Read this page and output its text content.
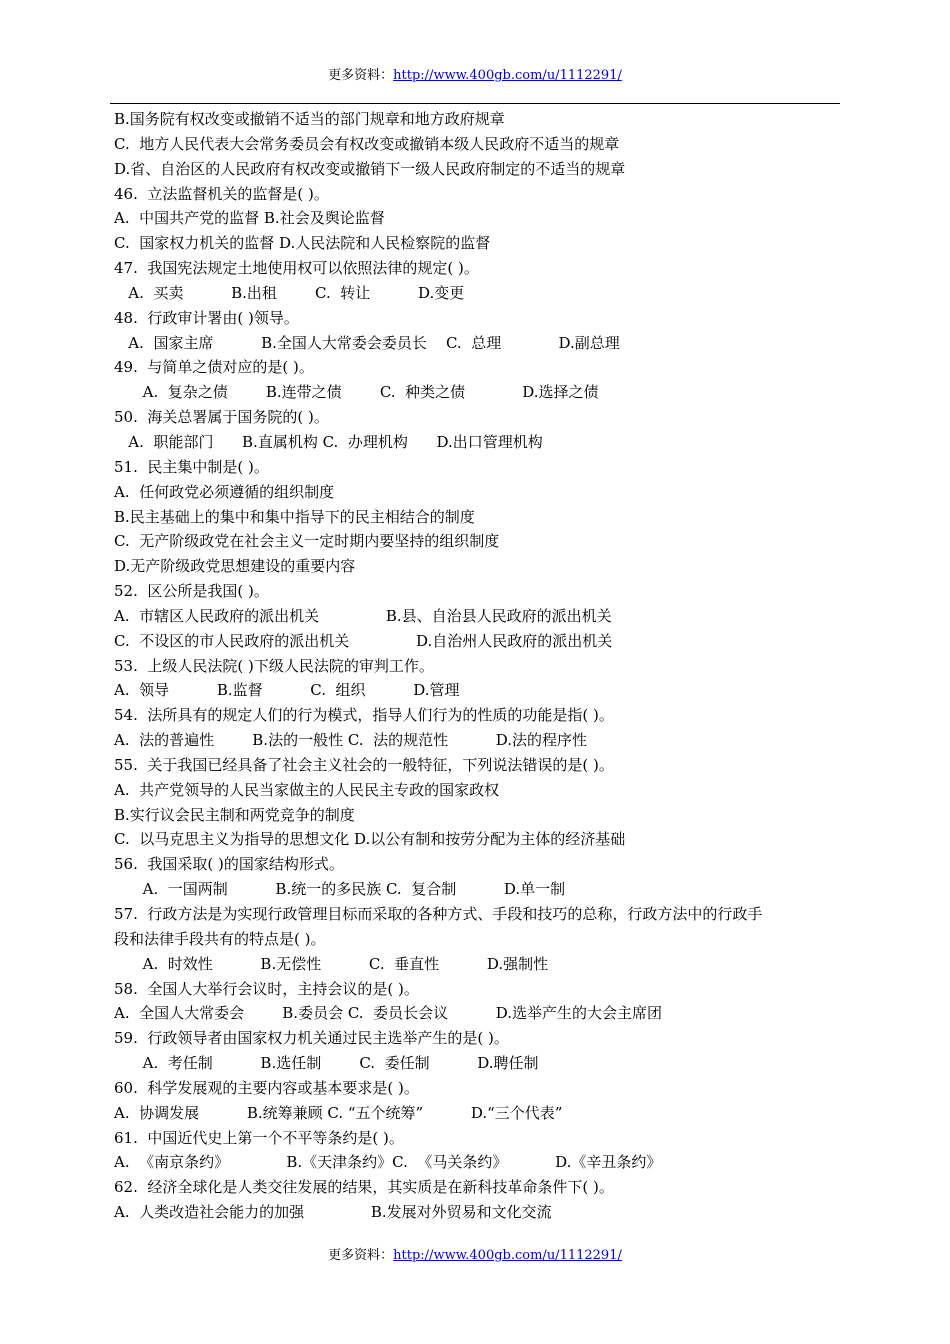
更多资料：http://www.400gb.com/u/1112291/
B.国务院有权改变或撤销不适当的部门规章和地方政府规章
C.  地方人民代表大会常务委员会有权改变或撤销本级人民政府不适当的规章
D.省、自治区的人民政府有权改变或撤销下一级人民政府制定的不适当的规章
46.  立法监督机关的监督是( )。
A.  中国共产党的监督 B.社会及舆论监督
C.  国家权力机关的监督 D.人民法院和人民检察院的监督
47.  我国宪法规定土地使用权可以依照法律的规定( )。
A.  买卖          B.出租        C.  转让          D.变更
48.  行政审计署由( )领导。
A.  国家主席          B.全国人大常委会委员长    C.  总理            D.副总理
49.  与简单之债对应的是( )。
A.  复杂之债        B.连带之债        C.  种类之债            D.选择之债
50.  海关总署属于国务院的( )。
A.  职能部门      B.直属机构 C.  办理机构      D.出口管理机构
51.  民主集中制是( )。
A.  任何政党必须遵循的组织制度
B.民主基础上的集中和集中指导下的民主相结合的制度
C.  无产阶级政党在社会主义一定时期内要坚持的组织制度
D.无产阶级政党思想建设的重要内容
52.  区公所是我国( )。
A.  市辖区人民政府的派出机关              B.县、自治县人民政府的派出机关
C.  不设区的市人民政府的派出机关              D.自治州人民政府的派出机关
53.  上级人民法院( )下级人民法院的审判工作。
A.  领导          B.监督          C.  组织          D.管理
54.  法所具有的规定人们的行为模式，指导人们行为的性质的功能是指( )。
A.  法的普遍性        B.法的一般性 C.  法的规范性          D.法的程序性
55.  关于我国已经具备了社会主义社会的一般特征，下列说法错误的是( )。
A.  共产党领导的人民当家做主的人民民主专政的国家政权
B.实行议会民主制和两党竞争的制度
C.  以马克思主义为指导的思想文化 D.以公有制和按劳分配为主体的经济基础
56.  我国采取( )的国家结构形式。
A.  一国两制          B.统一的多民族 C.  复合制          D.单一制
57.  行政方法是为实现行政管理目标而采取的各种方式、手段和技巧的总称，行政方法中的行政手
段和法律手段共有的特点是( )。
A.  时效性          B.无偿性          C.  垂直性          D.强制性
58.  全国人大举行会议时，主持会议的是( )。
A.  全国人大常委会        B.委员会 C.  委员长会议          D.选举产生的大会主席团
59.  行政领导者由国家权力机关通过民主选举产生的是( )。
A.  考任制          B.选任制        C.  委任制          D.聘任制
60.  科学发展观的主要内容或基本要求是( )。
A.  协调发展          B.统筹兼顾 C. “五个统筹”          D.“三个代表”
61.  中国近代史上第一个不平等条约是( )。
A.  《南京条约》            B.《天津条约》C.  《马关条约》          D.《辛丑条约》
62.  经济全球化是人类交往发展的结果，其实质是在新科技革命条件下( )。
A.  人类改造社会能力的加强              B.发展对外贸易和文化交流
更多资料：http://www.400gb.com/u/1112291/
